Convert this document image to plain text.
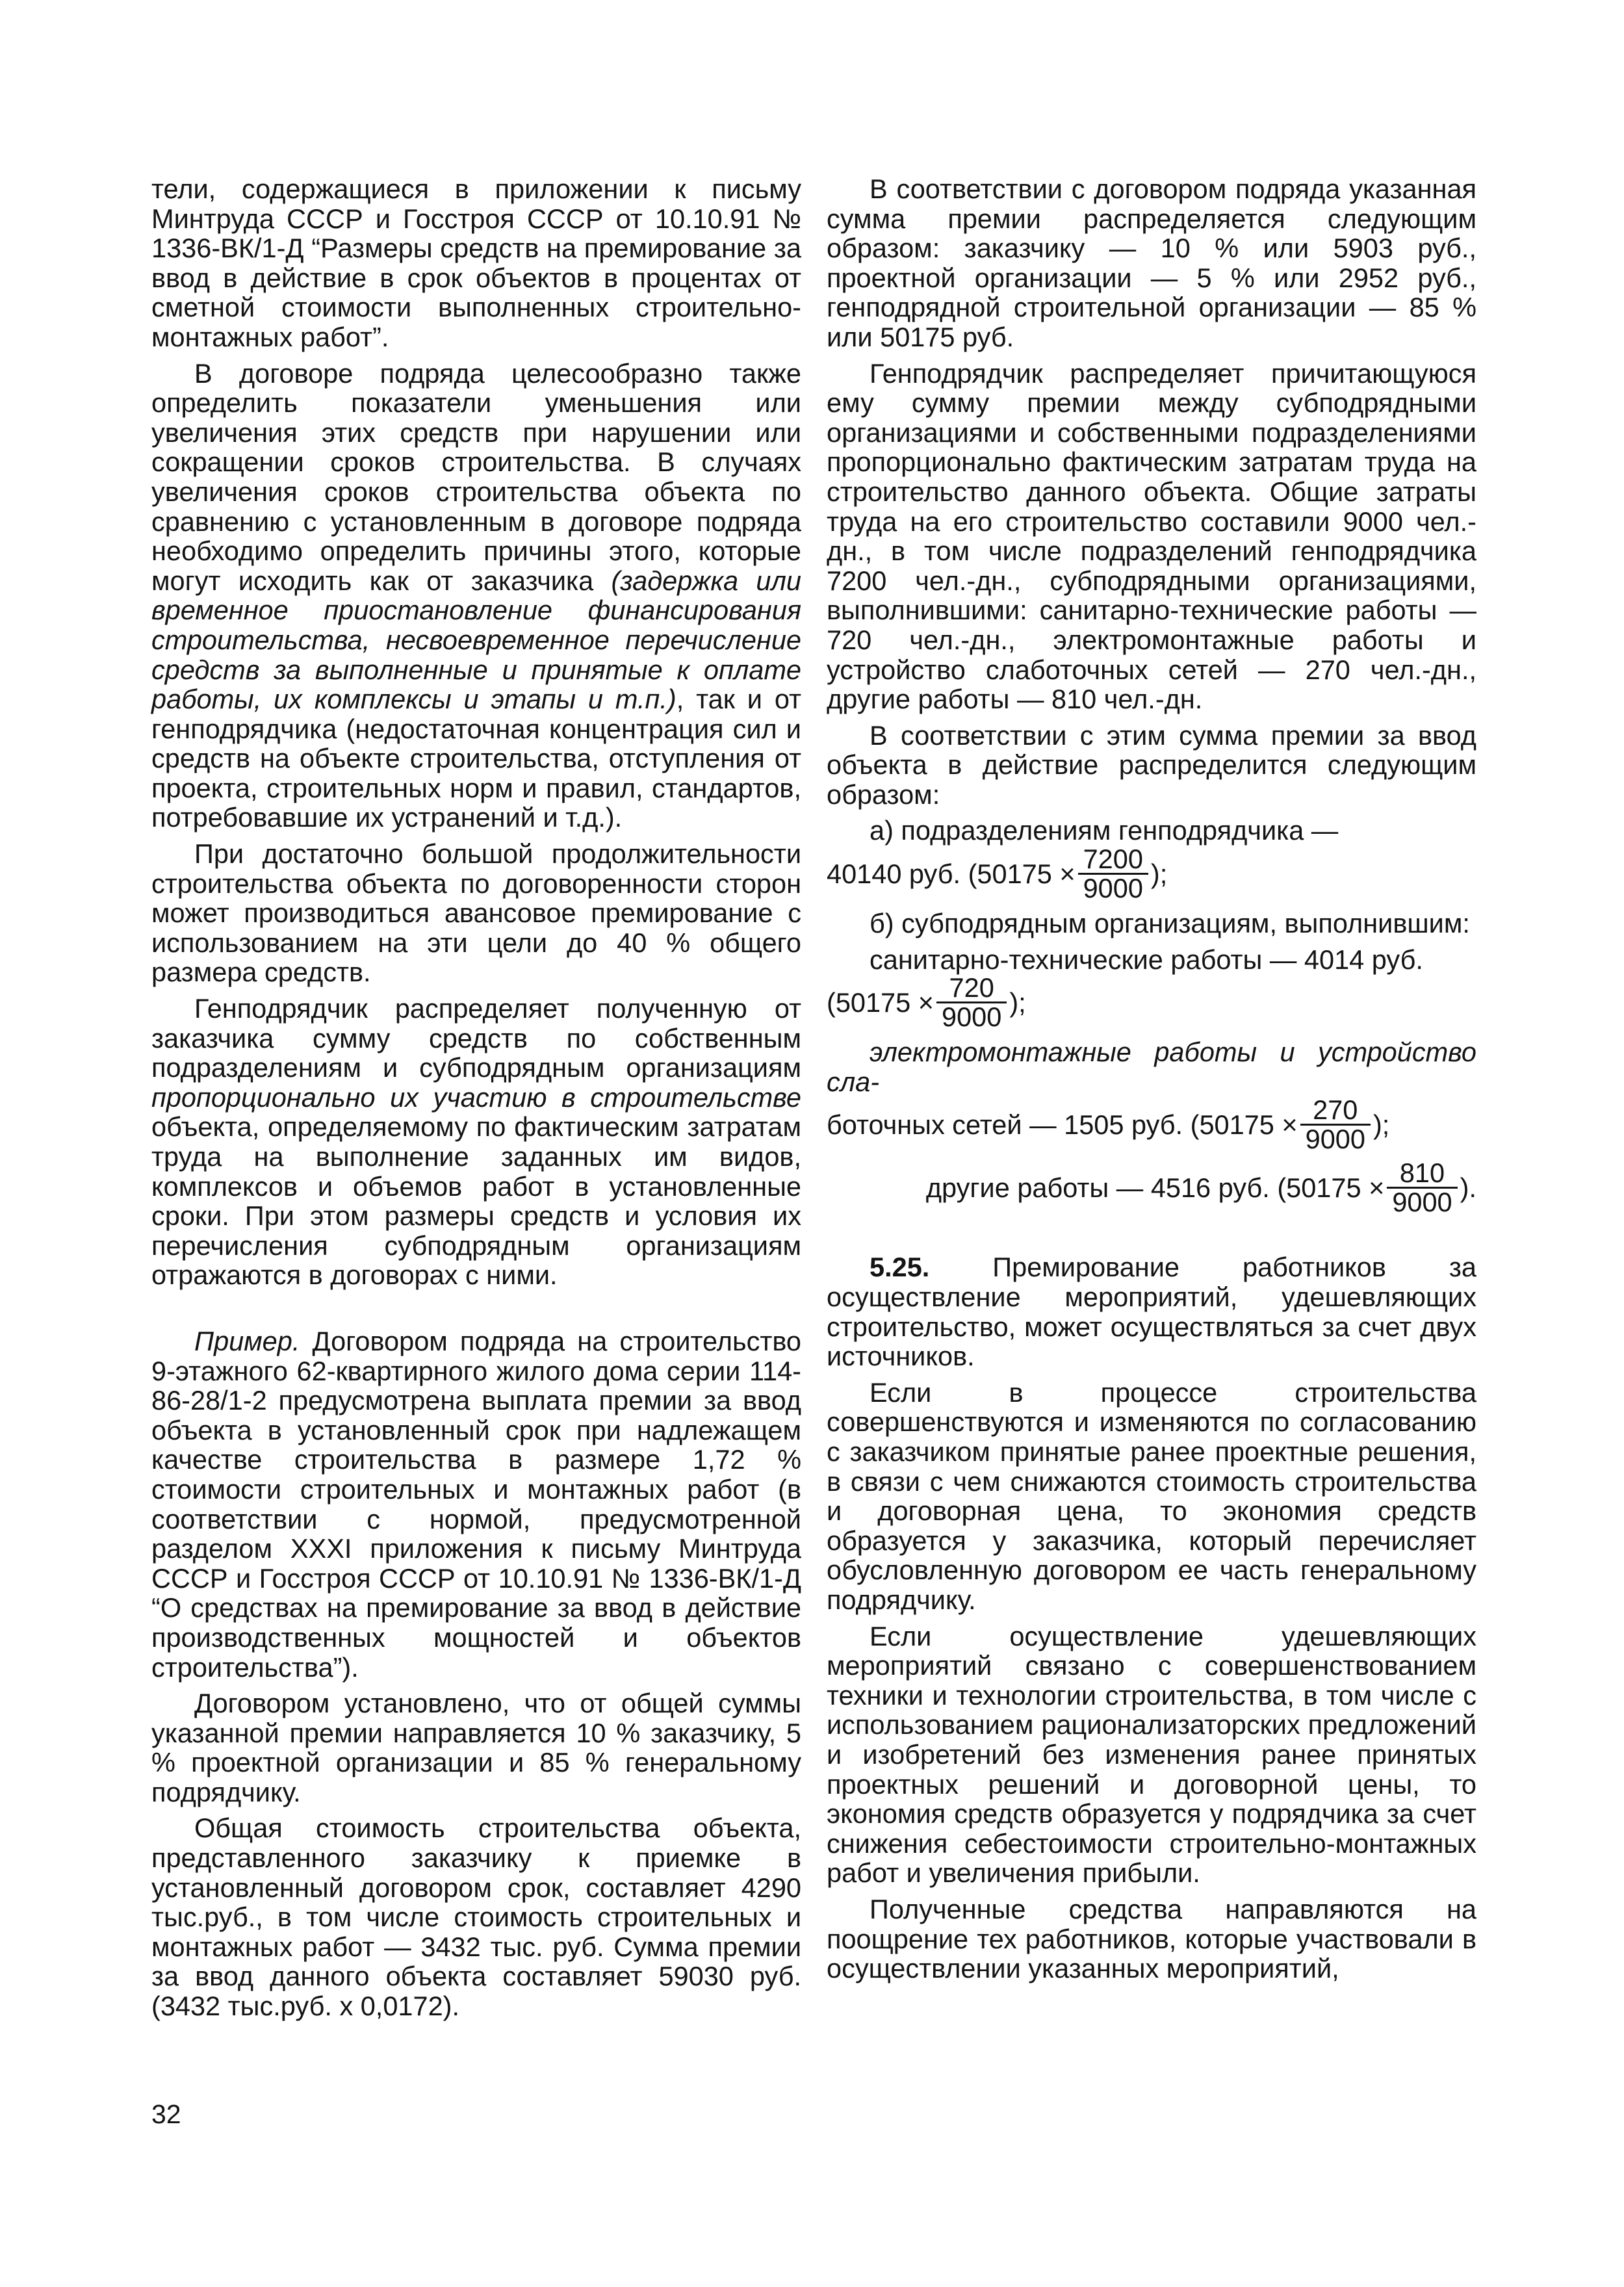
тели, содержащиеся в приложении к письму Минтруда СССР и Госстроя СССР от 10.10.91 № 1336-ВК/1-Д “Размеры средств на премирование за ввод в действие в срок объектов в процентах от сметной стоимости выполненных строительно-монтажных работ”.

В договоре подряда целесообразно также определить показатели уменьшения или увеличения этих средств при нарушении или сокращении сроков строительства. В случаях увеличения сроков строительства объекта по сравнению с установленным в договоре подряда необходимо определить причины этого, которые могут исходить как от заказчика (задержка или временное приостановление финансирования строительства, несвоевременное перечисление средств за выполненные и принятые к оплате работы, их комплексы и этапы и т.п.), так и от генподрядчика (недостаточная концентрация сил и средств на объекте строительства, отступления от проекта, строительных норм и правил, стандартов, потребовавшие их устранений и т.д.).

При достаточно большой продолжительности строительства объекта по договоренности сторон может производиться авансовое премирование с использованием на эти цели до 40 % общего размера средств.

Генподрядчик распределяет полученную от заказчика сумму средств по собственным подразделениям и субподрядным организациям пропорционально их участию в строительстве объекта, определяемому по фактическим затратам труда на выполнение заданных им видов, комплексов и объемов работ в установленные сроки. При этом размеры средств и условия их перечисления субподрядным организациям отражаются в договорах с ними.

Пример. Договором подряда на строительство 9-этажного 62-квартирного жилого дома серии 114-86-28/1-2 предусмотрена выплата премии за ввод объекта в установленный срок при надлежащем качестве строительства в размере 1,72 % стоимости строительных и монтажных работ (в соответствии с нормой, предусмотренной разделом XXXI приложения к письму Минтруда СССР и Госстроя СССР от 10.10.91 № 1336-ВК/1-Д “О средствах на премирование за ввод в действие производственных мощностей и объектов строительства”).

Договором установлено, что от общей суммы указанной премии направляется 10 % заказчику, 5 % проектной организации и 85 % генеральному подрядчику.

Общая стоимость строительства объекта, представленного заказчику к приемке в установленный договором срок, составляет 4290 тыс.руб., в том числе стоимость строительных и монтажных работ — 3432 тыс. руб. Сумма премии за ввод данного объекта составляет 59030 руб.(3432 тыс.руб. х 0,0172).

В соответствии с договором подряда указанная сумма премии распределяется следующим образом: заказчику — 10 % или 5903 руб., проектной организации — 5 % или 2952 руб., генподрядной строительной организации — 85 % или 50175 руб.

Генподрядчик распределяет причитающуюся ему сумму премии между субподрядными организациями и собственными подразделениями пропорционально фактическим затратам труда на строительство данного объекта. Общие затраты труда на его строительство составили 9000 чел.-дн., в том числе подразделений генподрядчика 7200 чел.-дн., субподрядными организациями, выполнившими: санитарно-технические работы — 720 чел.-дн., электромонтажные работы и устройство слаботочных сетей — 270 чел.-дн., другие работы — 810 чел.-дн.

В соответствии с этим сумма премии за ввод объекта в действие распределится следующим образом:

а) подразделениям генподрядчика —

40140 руб. ($50175 \times \frac{7200}{9000}$ );

б) субподрядным организациям, выполнившим:

санитарно-технические работы — 4014 руб.

($50175 \times \frac{720}{9000}$ );

электромонтажные работы и устройство сла-

боточных сетей — 1505 руб. ($50175 \times \frac{270}{9000}$ );
другие работы — 4516 руб. ($50175 \times \frac{810}{9000}$ ).

5.25. Премирование работников за осуществление мероприятий, удешевляющих строительство, может осуществляться за счет двух источников.

Если в процессе строительства совершенствуются и изменяются по согласованию с заказчиком принятые ранее проектные решения, в связи с чем снижаются стоимость строительства и договорная цена, то экономия средств образуется у заказчика, который перечисляет обусловленную договором ее часть генеральному подрядчику.

Если осуществление удешевляющих мероприятий связано с совершенствованием техники и технологии строительства, в том числе с использованием рационализаторских предложений и изобретений без изменения ранее принятых проектных решений и договорной цены, то экономия средств образуется у подрядчика за счет снижения себестоимости строительно-монтажных работ и увеличения прибыли.

Полученные средства направляются на поощрение тех работников, которые участвовали в осуществлении указанных мероприятий,

32
